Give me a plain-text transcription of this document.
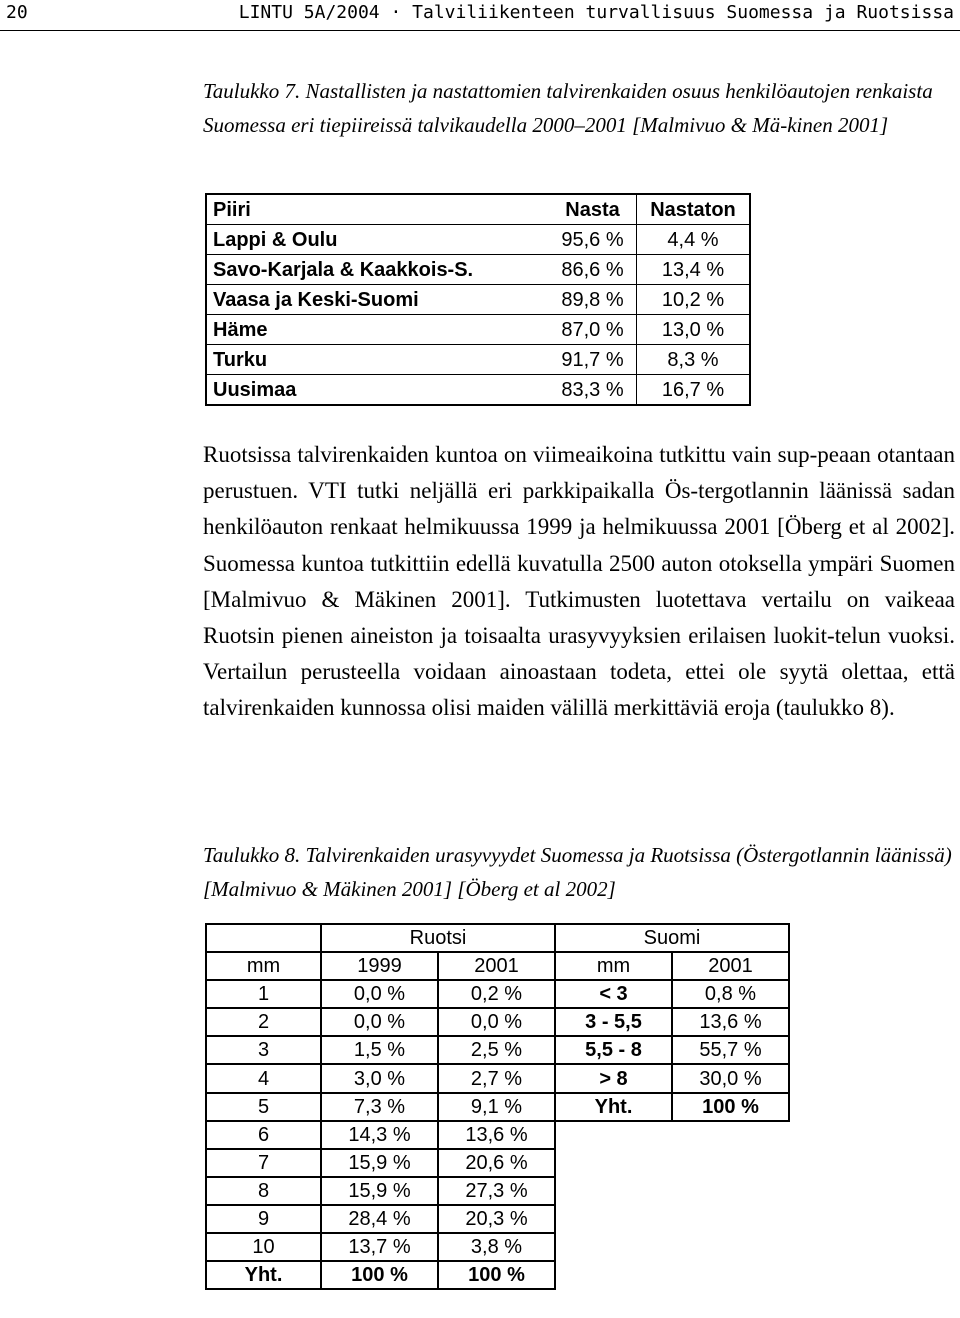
20	LINTU 5A/2004 · Talviliikenteen turvallisuus Suomessa ja Ruotsissa
Taulukko 7. Nastallisten ja nastattomien talvirenkaiden osuus henkilöautojen renkaista Suomessa eri tiepiireissä talvikaudella 2000–2001 [Malmivuo & Mä-kinen 2001]
Piiri	Nasta	Nastaton
Lappi & Oulu	95,6 %	4,4 %
Savo-Karjala & Kaakkois-S.	86,6 %	13,4 %
Vaasa ja Keski-Suomi	89,8 %	10,2 %
Häme	87,0 %	13,0 %
Turku	91,7 %	8,3 %
Uusimaa	83,3 %	16,7 %
Ruotsissa talvirenkaiden kuntoa on viimeaikoina tutkittu vain sup-peaan otantaan perustuen. VTI tutki neljällä eri parkkipaikalla Ös-tergotlannin läänissä sadan henkilöauton renkaat helmikuussa 1999 ja helmikuussa 2001 [Öberg et al 2002]. Suomessa kuntoa tutkittiin edellä kuvatulla 2500 auton otoksella ympäri Suomen [Malmivuo & Mäkinen 2001]. Tutkimusten luotettava vertailu on vaikeaa Ruotsin pienen aineiston ja toisaalta urasyvyyksien erilaisen luokit-telun vuoksi. Vertailun perusteella voidaan ainoastaan todeta, ettei ole syytä olettaa, että talvirenkaiden kunnossa olisi maiden välillä merkittäviä eroja (taulukko 8).
Taulukko 8. Talvirenkaiden urasyvyydet Suomessa ja Ruotsissa (Östergotlannin läänissä)[Malmivuo & Mäkinen 2001] [Öberg et al 2002]
	Ruotsi		Suomi	
mm	1999	2001	mm	2001
1	0,0 %	0,2 %	< 3	0,8 %
2	0,0 %	0,0 %	3 - 5,5	13,6 %
3	1,5 %	2,5 %	5,5 - 8	55,7 %
4	3,0 %	2,7 %	> 8	30,0 %
5	7,3 %	9,1 %	Yht.	100 %
6	14,3 %	13,6 %		
7	15,9 %	20,6 %		
8	15,9 %	27,3 %		
9	28,4 %	20,3 %		
10	13,7 %	3,8 %		
Yht.	100 %	100 %		
